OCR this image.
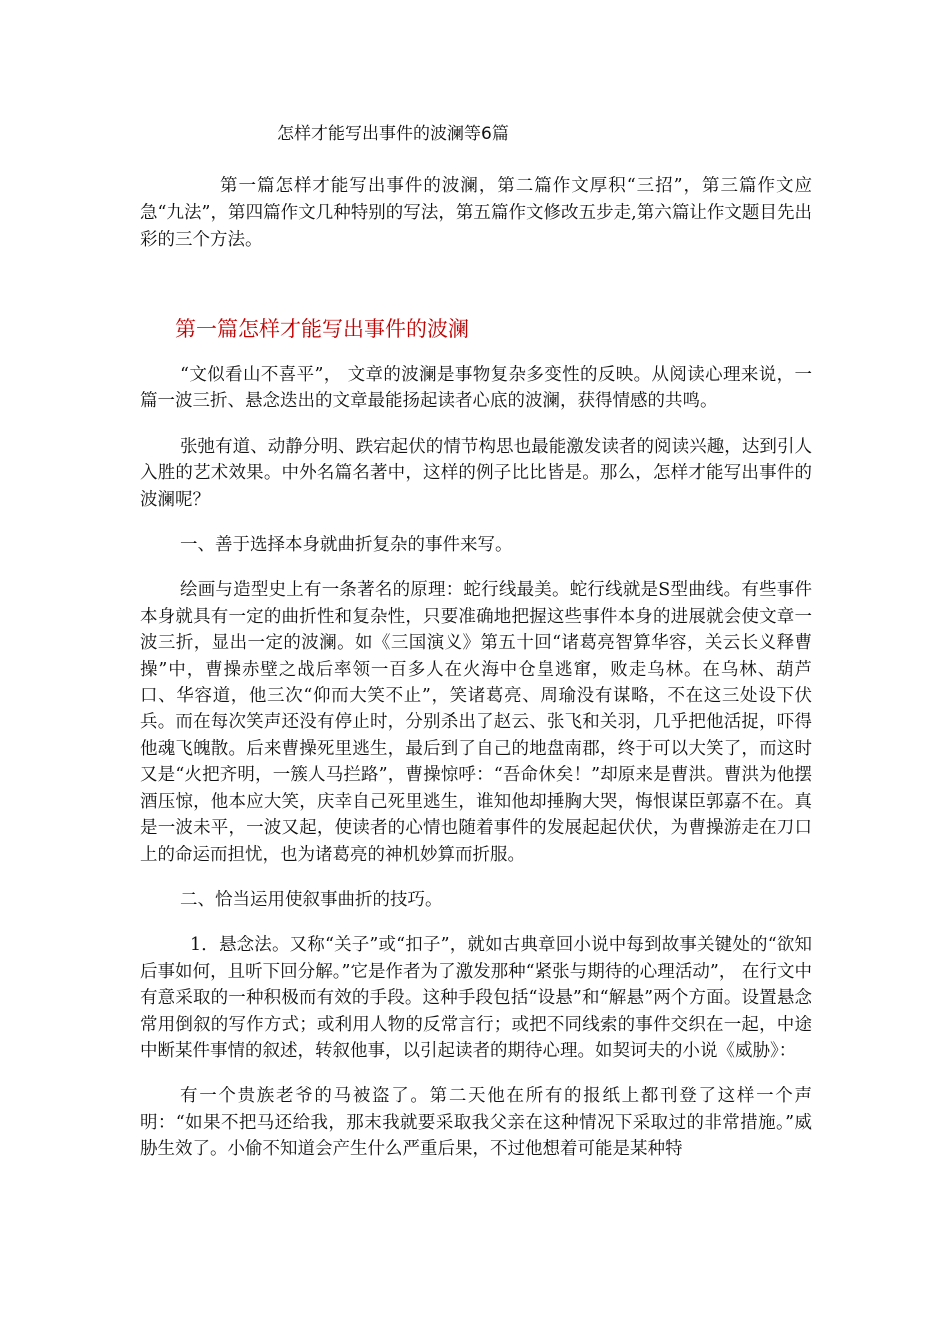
怎样才能写出事件的波澜等6篇

第一篇怎样才能写出事件的波澜，第二篇作文厚积“三招”，第三篇作文应急“九法”，第四篇作文几种特别的写法，第五篇作文修改五步走,第六篇让作文题目先出彩的三个方法。

第一篇怎样才能写出事件的波澜

“文似看山不喜平”， 文章的波澜是事物复杂多变性的反映。从阅读心理来说，一篇一波三折、悬念迭出的文章最能扬起读者心底的波澜，获得情感的共鸣。

张弛有道、动静分明、跌宕起伏的情节构思也最能激发读者的阅读兴趣，达到引人入胜的艺术效果。中外名篇名著中，这样的例子比比皆是。那么，怎样才能写出事件的波澜呢？

一、善于选择本身就曲折复杂的事件来写。

绘画与造型史上有一条著名的原理：蛇行线最美。蛇行线就是S型曲线。有些事件本身就具有一定的曲折性和复杂性，只要准确地把握这些事件本身的进展就会使文章一波三折，显出一定的波澜。如《三国演义》第五十回“诸葛亮智算华容，关云长义释曹操”中，曹操赤壁之战后率领一百多人在火海中仓皇逃窜，败走乌林。在乌林、葫芦口、华容道，他三次“仰而大笑不止”，笑诸葛亮、周瑜没有谋略，不在这三处设下伏兵。而在每次笑声还没有停止时，分别杀出了赵云、张飞和关羽，几乎把他活捉，吓得他魂飞魄散。后来曹操死里逃生，最后到了自己的地盘南郡，终于可以大笑了，而这时又是“火把齐明，一簇人马拦路”，曹操惊呼：“吾命休矣！”却原来是曹洪。曹洪为他摆酒压惊，他本应大笑，庆幸自己死里逃生，谁知他却捶胸大哭，悔恨谋臣郭嘉不在。真是一波未平，一波又起，使读者的心情也随着事件的发展起起伏伏，为曹操游走在刀口上的命运而担忧，也为诸葛亮的神机妙算而折服。

二、恰当运用使叙事曲折的技巧。

1．悬念法。又称“关子”或“扣子”，就如古典章回小说中每到故事关键处的“欲知后事如何，且听下回分解。”它是作者为了激发那种“紧张与期待的心理活动”， 在行文中有意采取的一种积极而有效的手段。这种手段包括“设悬”和“解悬”两个方面。设置悬念常用倒叙的写作方式；或利用人物的反常言行；或把不同线索的事件交织在一起，中途中断某件事情的叙述，转叙他事，以引起读者的期待心理。如契诃夫的小说《威胁》：

有一个贵族老爷的马被盗了。第二天他在所有的报纸上都刊登了这样一个声明：“如果不把马还给我，那末我就要采取我父亲在这种情况下采取过的非常措施。”威胁生效了。小偷不知道会产生什么严重后果，不过他想着可能是某种特
